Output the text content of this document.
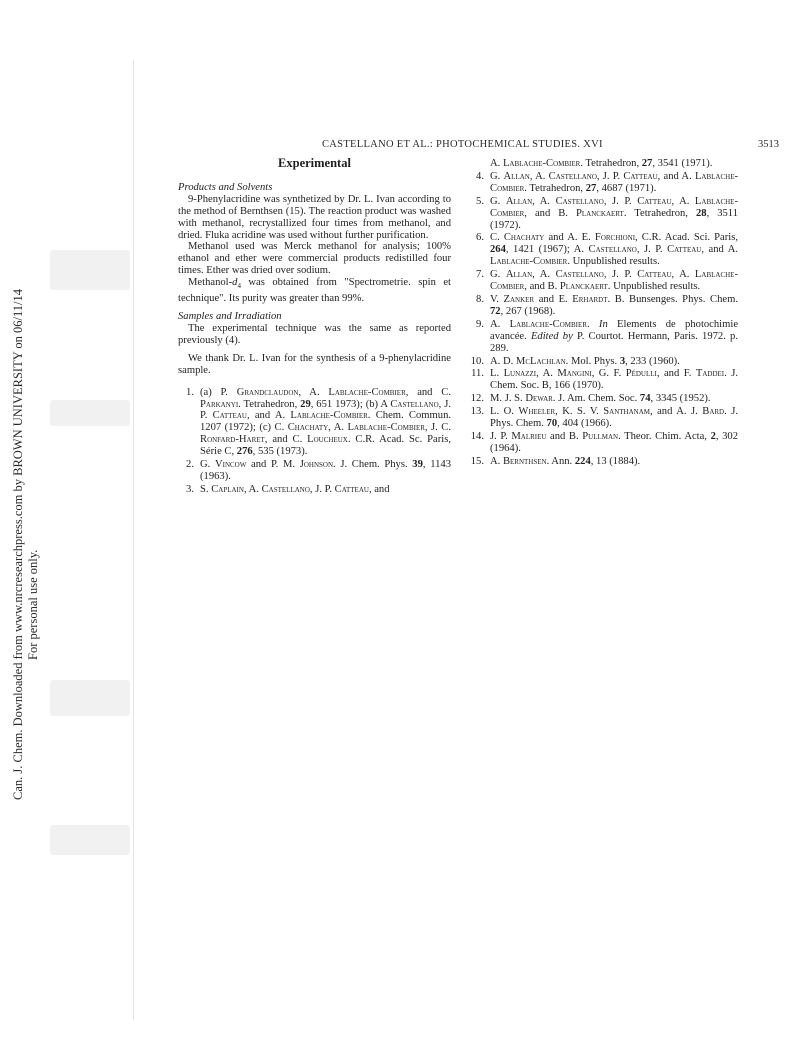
Can. J. Chem. Downloaded from www.nrcresearchpress.com by BROWN UNIVERSITY on 06/11/14 For personal use only.
CASTELLANO ET AL.: PHOTOCHEMICAL STUDIES. XVI	3513
Experimental

Products and Solvents

9-Phenylacridine was synthetized by Dr. L. Ivan according to the method of Bernthsen (15). The reaction product was washed with methanol, recrystallized four times from methanol, and dried. Fluka acridine was used without further purification.

Methanol used was Merck methanol for analysis; 100% ethanol and ether were commercial products redistilled four times. Ether was dried over sodium.

Methanol-$d_4$ was obtained from "Spectrometrie. spin et technique". Its purity was greater than 99%.

Samples and Irradiation

The experimental technique was the same as reported previously (4).

We thank Dr. L. Ivan for the synthesis of a 9-phenylacridine sample.

1. (a) P. Grandclaudon, A. Lablache-Combier, and C. Parkanyi. Tetrahedron, 29, 651 1973); (b) A Castellano, J. P. Catteau, and A. Lablache-Combier. Chem. Commun. 1207 (1972); (c) C. Chachaty, A. Lablache-Combier, J. C. Ronfard-Haret, and C. Loucheux. C.R. Acad. Sc. Paris, Série C, 276, 535 (1973).

2. G. Vincow and P. M. Johnson. J. Chem. Phys. 39, 1143 (1963).

3. S. Caplain, A. Castellano, J. P. Catteau, and

A. Lablache-Combier. Tetrahedron, 27, 3541 (1971).

4. G. Allan, A. Castellano, J. P. Catteau, and A. Lablache-Combier. Tetrahedron, 27, 4687 (1971).

5. G. Allan, A. Castellano, J. P. Catteau, A. Lablache-Combier, and B. Planckaert. Tetrahedron, 28, 3511 (1972).

6. C. Chachaty and A. E. Forchioni, C.R. Acad. Sci. Paris, 264, 1421 (1967); A. Castellano, J. P. Catteau, and A. Lablache-Combier. Unpublished results.

7. G. Allan, A. Castellano, J. P. Catteau, A. Lablache-Combier, and B. Planckaert. Unpublished results.

8. V. Zanker and E. Erhardt. B. Bunsenges. Phys. Chem. 72, 267 (1968).

9. A. Lablache-Combier. In Elements de photochimie avancée. Edited by P. Courtot. Hermann, Paris. 1972. p. 289.

10. A. D. McLachlan. Mol. Phys. 3, 233 (1960).

11. L. Lunazzi, A. Mangini, G. F. Pédulli, and F. Taddei. J. Chem. Soc. B, 166 (1970).

12. M. J. S. Dewar. J. Am. Chem. Soc. 74, 3345 (1952).

13. L. O. Wheeler, K. S. V. Santhanam, and A. J. Bard. J. Phys. Chem. 70, 404 (1966).

14. J. P. Malrieu and B. Pullman. Theor. Chim. Acta, 2, 302 (1964).

15. A. Bernthsen. Ann. 224, 13 (1884).
